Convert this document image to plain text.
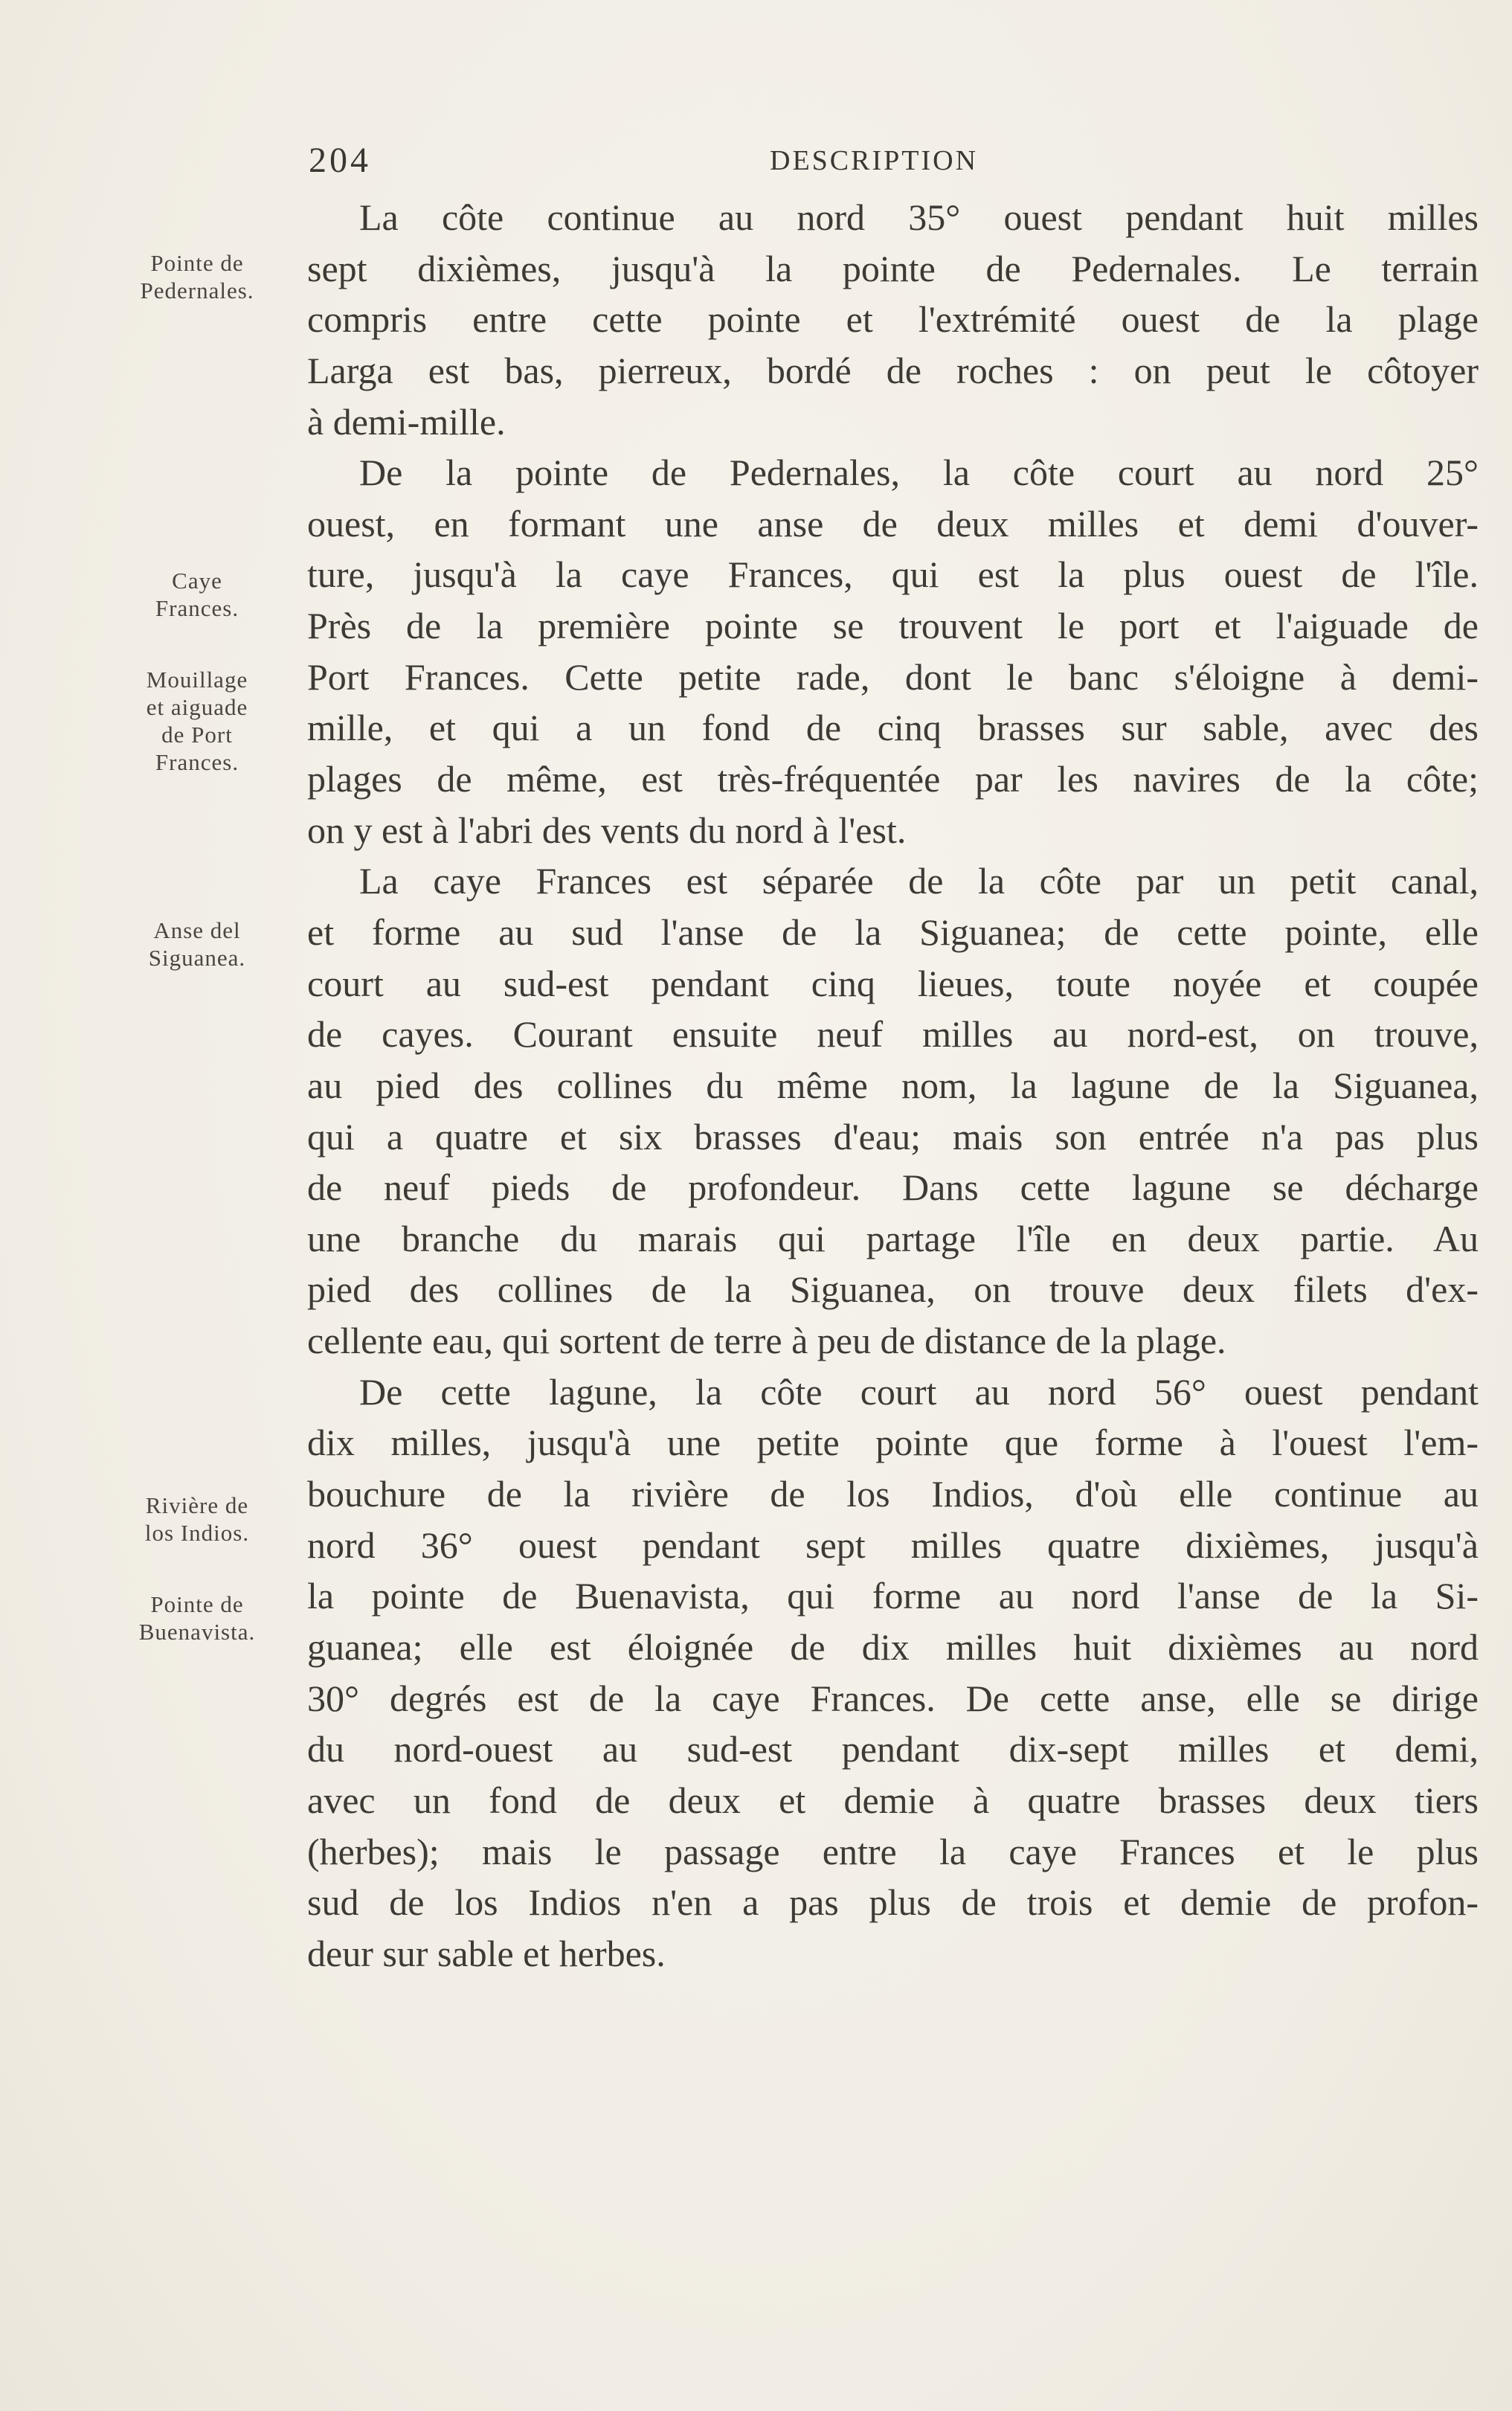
204	DESCRIPTION
Pointe de
Pedernales.
Caye
Frances.
Mouillage
et aiguade
de Port
Frances.
Anse del
Siguanea.
Rivière de
los Indios.
Pointe de
Buenavista.
La côte continue au nord 35° ouest pendant huit milles
sept dixièmes, jusqu'à la pointe de Pedernales. Le terrain
compris entre cette pointe et l'extrémité ouest de la plage
Larga est bas, pierreux, bordé de roches : on peut le côtoyer
à demi-mille.
De la pointe de Pedernales, la côte court au nord 25°
ouest, en formant une anse de deux milles et demi d'ouver-
ture, jusqu'à la caye Frances, qui est la plus ouest de l'île.
Près de la première pointe se trouvent le port et l'aiguade de
Port Frances. Cette petite rade, dont le banc s'éloigne à demi-
mille, et qui a un fond de cinq brasses sur sable, avec des
plages de même, est très-fréquentée par les navires de la côte;
on y est à l'abri des vents du nord à l'est.
La caye Frances est séparée de la côte par un petit canal,
et forme au sud l'anse de la Siguanea; de cette pointe, elle
court au sud-est pendant cinq lieues, toute noyée et coupée
de cayes. Courant ensuite neuf milles au nord-est, on trouve,
au pied des collines du même nom, la lagune de la Siguanea,
qui a quatre et six brasses d'eau; mais son entrée n'a pas plus
de neuf pieds de profondeur. Dans cette lagune se décharge
une branche du marais qui partage l'île en deux partie. Au
pied des collines de la Siguanea, on trouve deux filets d'ex-
cellente eau, qui sortent de terre à peu de distance de la plage.
De cette lagune, la côte court au nord 56° ouest pendant
dix milles, jusqu'à une petite pointe que forme à l'ouest l'em-
bouchure de la rivière de los Indios, d'où elle continue au
nord 36° ouest pendant sept milles quatre dixièmes, jusqu'à
la pointe de Buenavista, qui forme au nord l'anse de la Si-
guanea; elle est éloignée de dix milles huit dixièmes au nord
30° degrés est de la caye Frances. De cette anse, elle se dirige
du nord-ouest au sud-est pendant dix-sept milles et demi,
avec un fond de deux et demie à quatre brasses deux tiers
(herbes); mais le passage entre la caye Frances et le plus
sud de los Indios n'en a pas plus de trois et demie de profon-
deur sur sable et herbes.
